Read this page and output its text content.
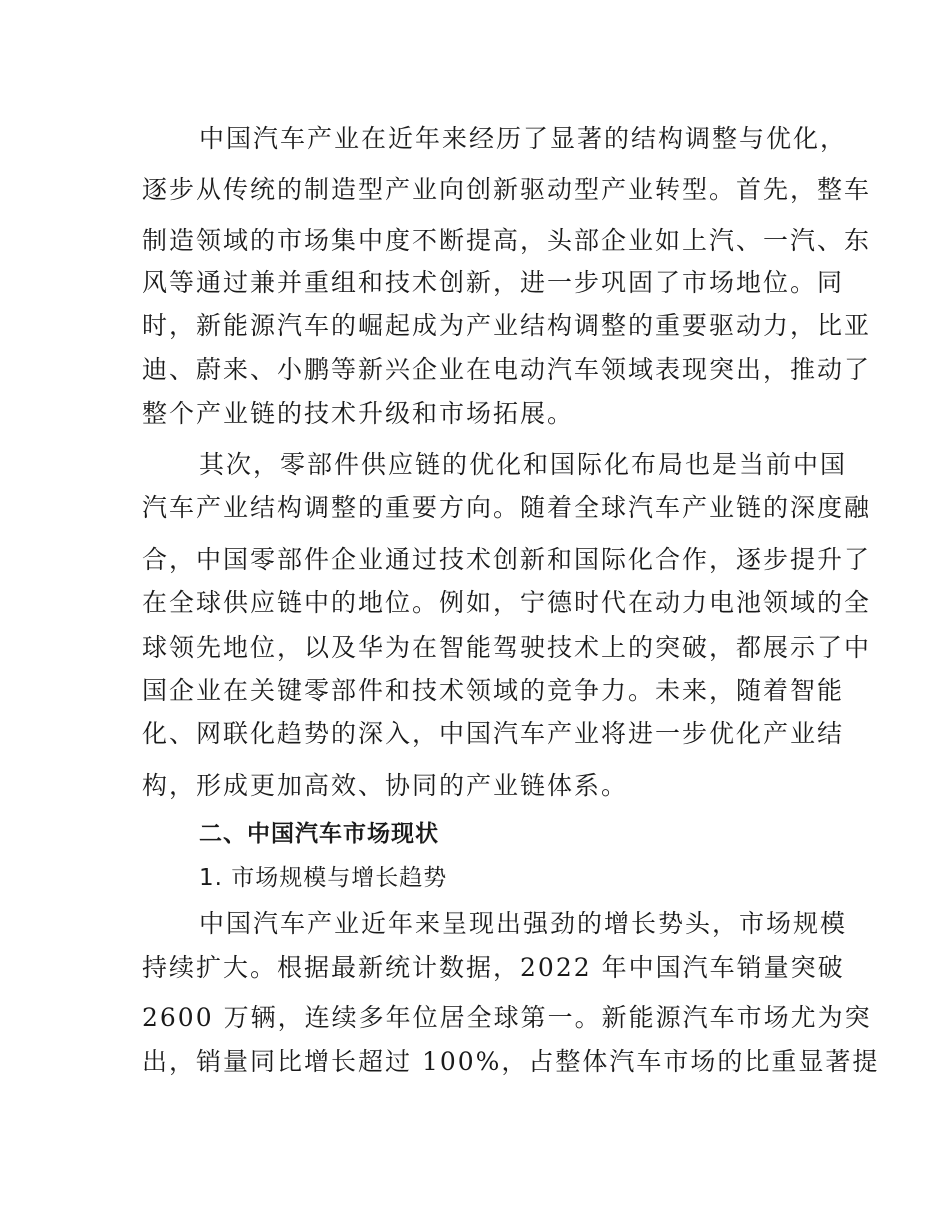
中国汽车产业在近年来经历了显著的结构调整与优化，
逐步从传统的制造型产业向创新驱动型产业转型。首先，整车
制造领域的市场集中度不断提高，头部企业如上汽、一汽、东
风等通过兼并重组和技术创新，进一步巩固了市场地位。同
时，新能源汽车的崛起成为产业结构调整的重要驱动力，比亚
迪、蔚来、小鹏等新兴企业在电动汽车领域表现突出，推动了
整个产业链的技术升级和市场拓展。
其次，零部件供应链的优化和国际化布局也是当前中国
汽车产业结构调整的重要方向。随着全球汽车产业链的深度融
合，中国零部件企业通过技术创新和国际化合作，逐步提升了
在全球供应链中的地位。例如，宁德时代在动力电池领域的全
球领先地位，以及华为在智能驾驶技术上的突破，都展示了中
国企业在关键零部件和技术领域的竞争力。未来，随着智能
化、网联化趋势的深入，中国汽车产业将进一步优化产业结
构，形成更加高效、协同的产业链体系。
二、中国汽车市场现状
1. 市场规模与增长趋势
中国汽车产业近年来呈现出强劲的增长势头，市场规模
持续扩大。根据最新统计数据，2022 年中国汽车销量突破
2600 万辆，连续多年位居全球第一。新能源汽车市场尤为突
出，销量同比增长超过 100%，占整体汽车市场的比重显著提
